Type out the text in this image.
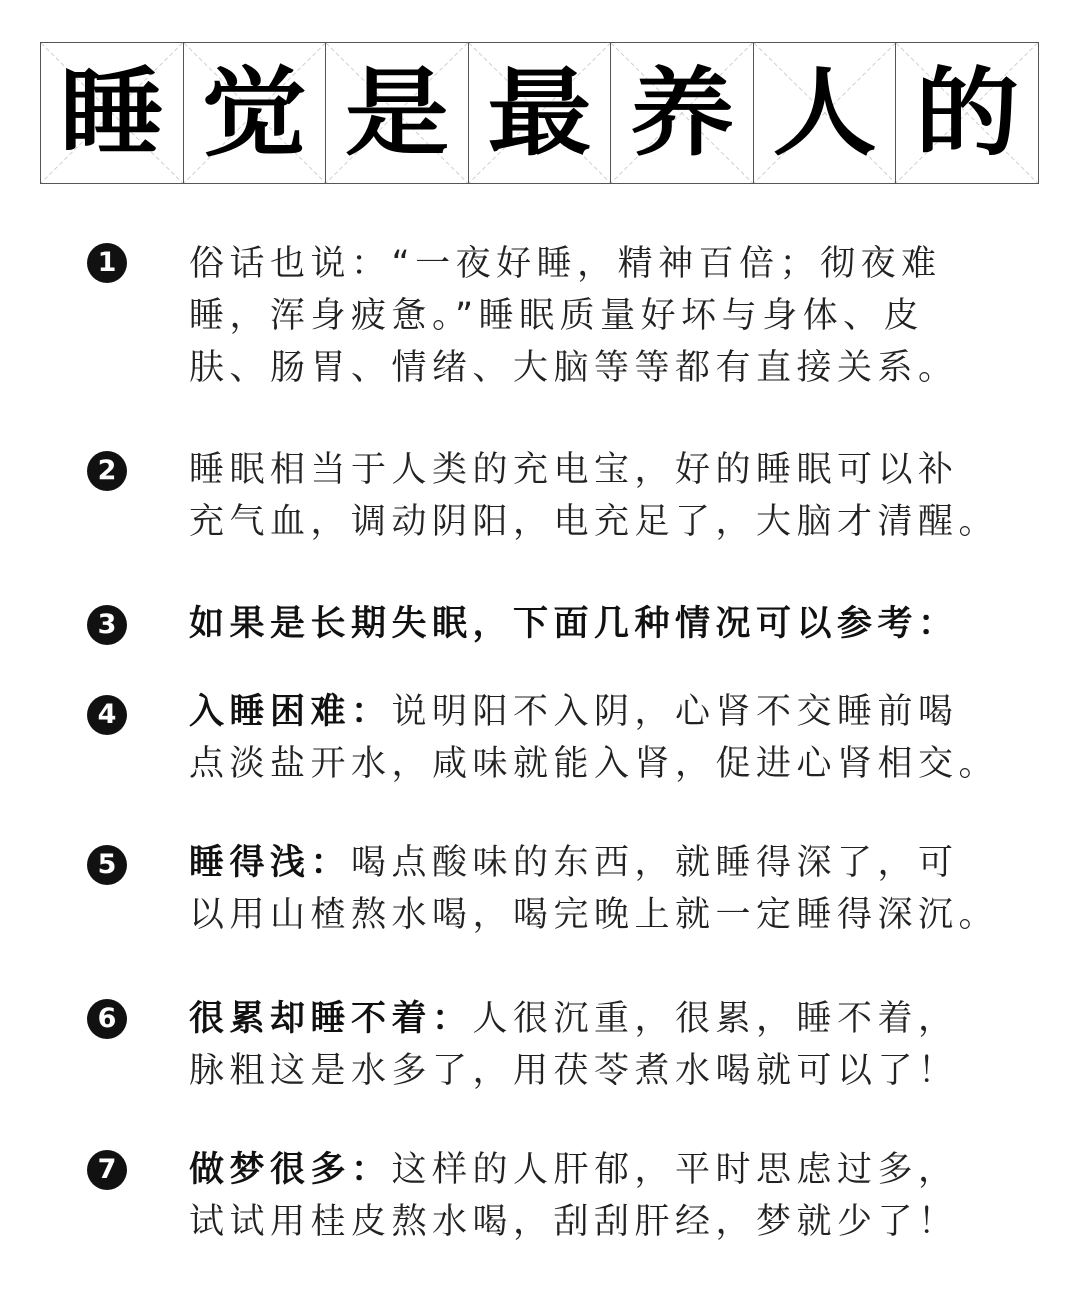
睡 觉 是 最 养 人 的
1	俗话也说：“一夜好睡，精神百倍；彻夜难
睡，浑身疲惫。”睡眠质量好坏与身体、皮
肤、肠胃、情绪、大脑等等都有直接关系。
2	睡眠相当于人类的充电宝，好的睡眠可以补
充气血，调动阴阳，电充足了，大脑才清醒。
3	如果是长期失眠，下面几种情况可以参考：
4	入睡困难：说明阳不入阴，心肾不交睡前喝
点淡盐开水，咸味就能入肾，促进心肾相交。
5	睡得浅：喝点酸味的东西，就睡得深了，可
以用山楂熬水喝，喝完晚上就一定睡得深沉。
6	很累却睡不着：人很沉重，很累，睡不着，
脉粗这是水多了，用茯苓煮水喝就可以了！
7	做梦很多：这样的人肝郁，平时思虑过多，
试试用桂皮熬水喝，刮刮肝经，梦就少了！
